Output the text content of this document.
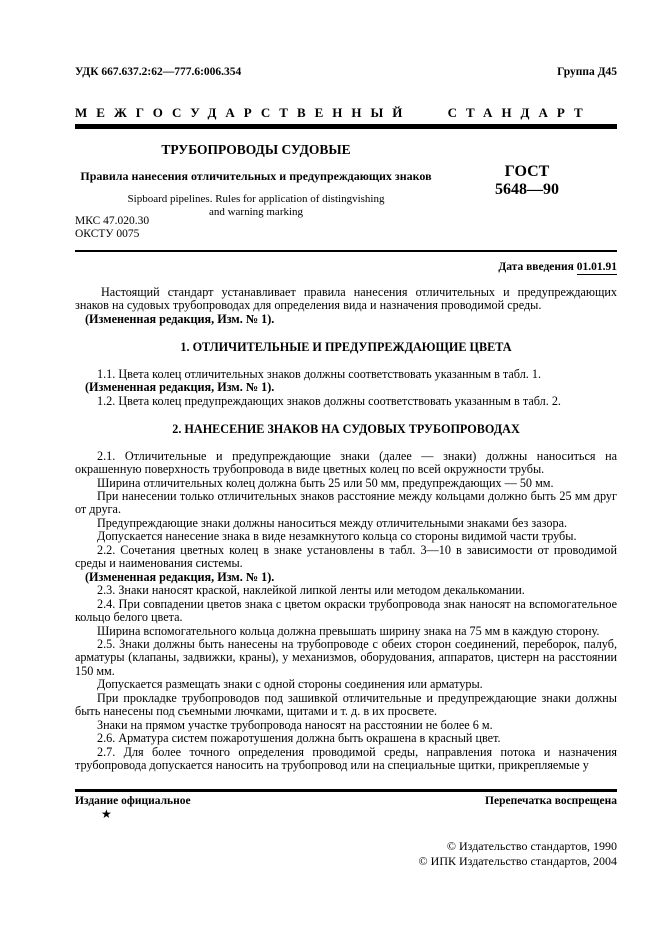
УДК 667.637.2:62—777.6:006.354	Группа Д45
МЕЖГОСУДАРСТВЕННЫЙ СТАНДАРТ
ТРУБОПРОВОДЫ СУДОВЫЕ
Правила нанесения отличительных и предупреждающих знаков
Sipboard pipelines. Rules for application of distingvishing
and warning marking
ГОСТ
5648—90
МКС 47.020.30
ОКСТУ 0075
Дата введения 01.01.91

Настоящий стандарт устанавливает правила нанесения отличительных и предупреждающих знаков на судовых трубопроводах для определения вида и назначения проводимой среды.

(Измененная редакция, Изм. № 1).

1. ОТЛИЧИТЕЛЬНЫЕ И ПРЕДУПРЕЖДАЮЩИЕ ЦВЕТА

1.1. Цвета колец отличительных знаков должны соответствовать указанным в табл. 1.

(Измененная редакция, Изм. № 1).

1.2. Цвета колец предупреждающих знаков должны соответствовать указанным в табл. 2.

2. НАНЕСЕНИЕ ЗНАКОВ НА СУДОВЫХ ТРУБОПРОВОДАХ

2.1. Отличительные и предупреждающие знаки (далее — знаки) должны наноситься на окрашенную поверхность трубопровода в виде цветных колец по всей окружности трубы.

Ширина отличительных колец должна быть 25 или 50 мм, предупреждающих — 50 мм.

При нанесении только отличительных знаков расстояние между кольцами должно быть 25 мм друг от друга.

Предупреждающие знаки должны наноситься между отличительными знаками без зазора.

Допускается нанесение знака в виде незамкнутого кольца со стороны видимой части трубы.

2.2. Сочетания цветных колец в знаке установлены в табл. 3—10 в зависимости от проводимой среды и наименования системы.

(Измененная редакция, Изм. № 1).

2.3. Знаки наносят краской, наклейкой липкой ленты или методом декалькомании.

2.4. При совпадении цветов знака с цветом окраски трубопровода знак наносят на вспомогательное кольцо белого цвета.

Ширина вспомогательного кольца должна превышать ширину знака на 75 мм в каждую сторону.

2.5. Знаки должны быть нанесены на трубопроводе с обеих сторон соединений, переборок, палуб, арматуры (клапаны, задвижки, краны), у механизмов, оборудования, аппаратов, цистерн на расстоянии 150 мм.

Допускается размещать знаки с одной стороны соединения или арматуры.

При прокладке трубопроводов под зашивкой отличительные и предупреждающие знаки должны быть нанесены под съемными лючками, щитами и т. д. в их просвете.

Знаки на прямом участке трубопровода наносят на расстоянии не более 6 м.

2.6. Арматура систем пожаротушения должна быть окрашена в красный цвет.

2.7. Для более точного определения проводимой среды, направления потока и назначения трубопровода допускается наносить на трубопровод или на специальные щитки, прикрепляемые у

Издание официальное	Перепечатка воспрещена
★
© Издательство стандартов, 1990
© ИПК Издательство стандартов, 2004
